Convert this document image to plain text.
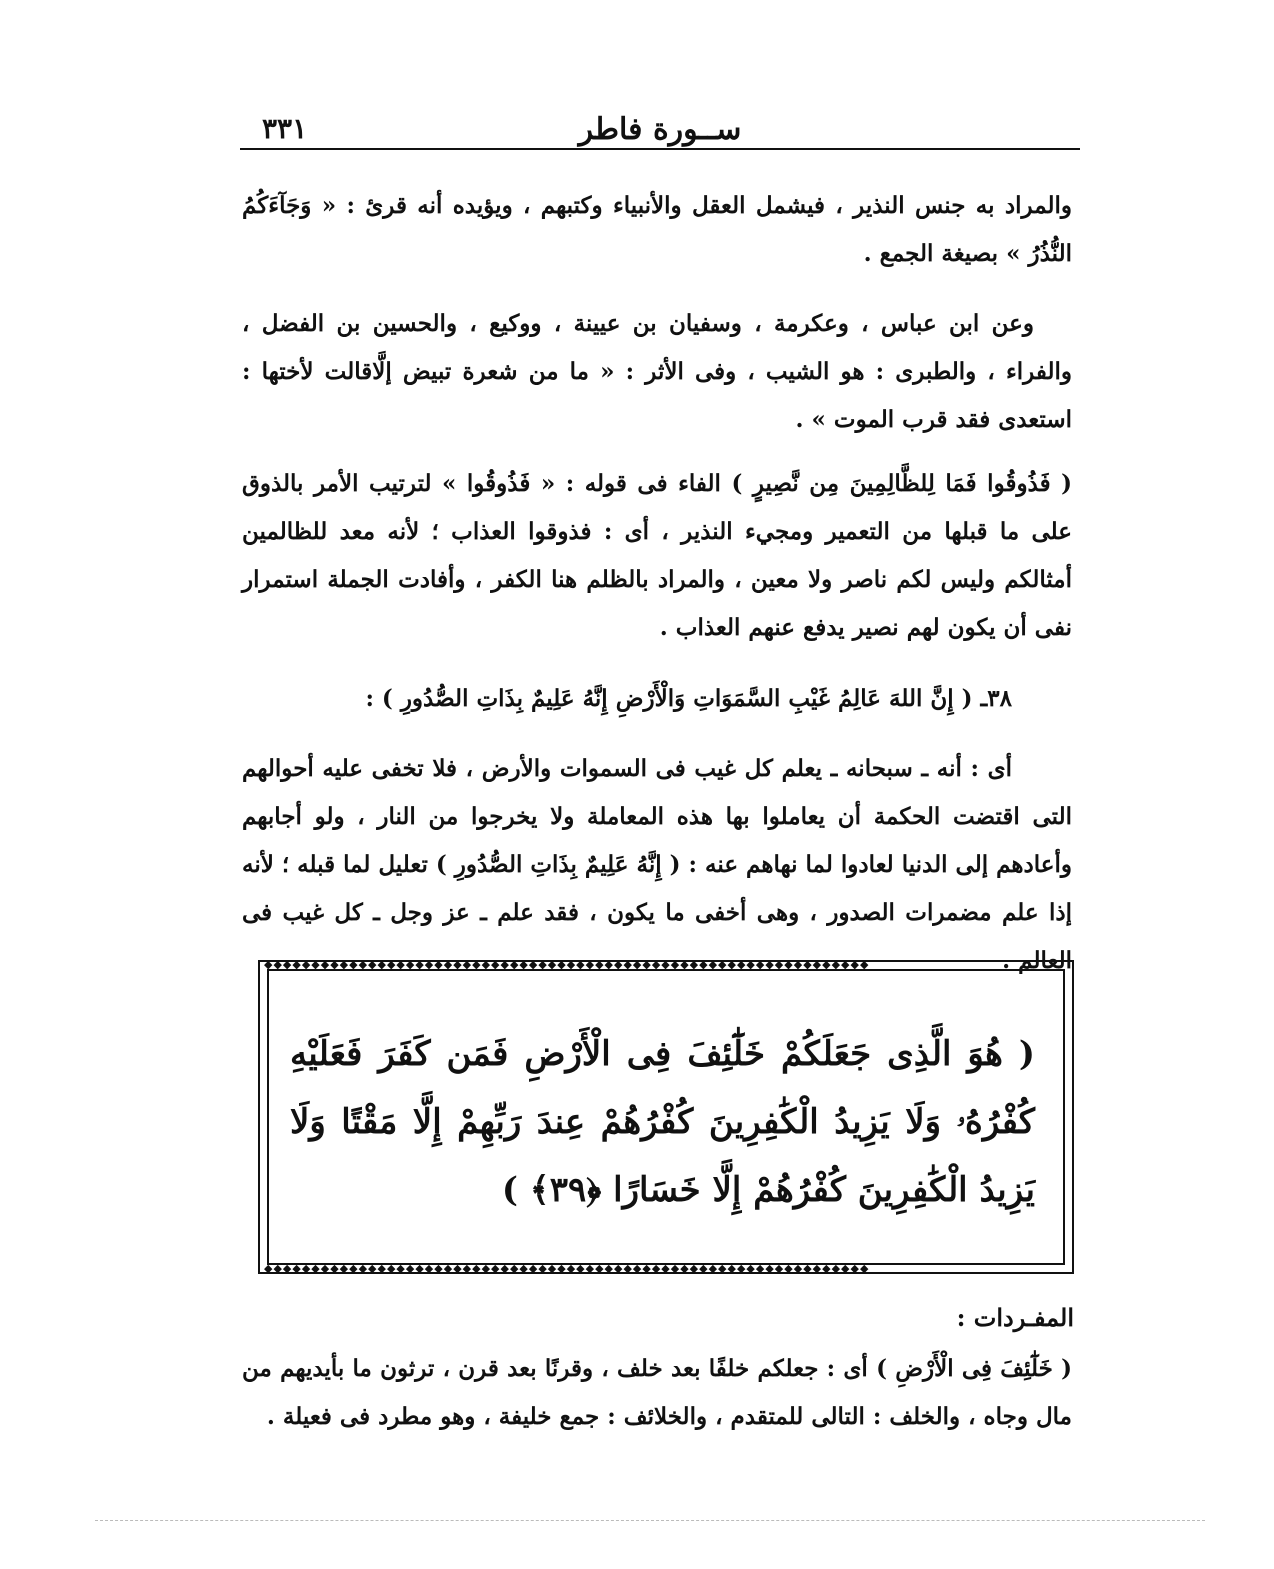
ســورة فاطر
٣٣١

والمراد به جنس النذير ، فيشمل العقل والأنبياء وكتبهم ، ويؤيده أنه قرئ : « وَجَآءَكُمُ النُّذُرُ » بصيغة الجمع .

وعن ابن عباس ، وعكرمة ، وسفيان بن عيينة ، ووكيع ، والحسين بن الفضل ، والفراء ، والطبرى : هو الشيب ، وفى الأثر : « ما من شعرة تبيض إلَّاقالت لأختها : استعدى فقد قرب الموت » .

( فَذُوقُوا فَمَا لِلظَّالِمِينَ مِن نَّصِيرٍ ) الفاء فى قوله : « فَذُوقُوا » لترتيب الأمر بالذوق على ما قبلها من التعمير ومجيء النذير ، أى : فذوقوا العذاب ؛ لأنه معد للظالمين أمثالكم وليس لكم ناصر ولا معين ، والمراد بالظلم هنا الكفر ، وأفادت الجملة استمرار نفى أن يكون لهم نصير يدفع عنهم العذاب .

٣٨ـ ( إِنَّ اللهَ عَالِمُ غَيْبِ السَّمَوَاتِ وَالْأَرْضِ إِنَّهُ عَلِيمٌ بِذَاتِ الصُّدُورِ ) :

أى : أنه ـ سبحانه ـ يعلم كل غيب فى السموات والأرض ، فلا تخفى عليه أحوالهم التى اقتضت الحكمة أن يعاملوا بها هذه المعاملة ولا يخرجوا من النار ، ولو أجابهم وأعادهم إلى الدنيا لعادوا لما نهاهم عنه : ( إِنَّهُ عَلِيمٌ بِذَاتِ الصُّدُورِ ) تعليل لما قبله ؛ لأنه إذا علم مضمرات الصدور ، وهى أخفى ما يكون ، فقد علم ـ عز وجل ـ كل غيب فى العالم .

◆◆◆◆◆◆◆◆◆◆◆◆◆◆◆◆◆◆◆◆◆◆◆◆◆◆◆◆◆◆◆◆◆◆◆◆◆◆◆◆◆◆◆◆◆◆◆◆◆◆◆◆◆◆◆◆◆◆◆◆◆◆◆◆
◆◆◆◆◆◆◆◆◆◆◆◆◆◆◆◆◆◆◆◆◆◆◆◆◆◆◆◆◆◆◆◆◆◆◆◆◆◆◆◆◆◆◆◆◆◆◆◆◆◆◆◆◆◆◆◆◆◆◆◆◆◆◆◆

( هُوَ الَّذِى جَعَلَكُمْ خَلَٰٓئِفَ فِى الْأَرْضِ فَمَن كَفَرَ فَعَلَيْهِ كُفْرُهُۥ وَلَا يَزِيدُ الْكَٰفِرِينَ كُفْرُهُمْ عِندَ رَبِّهِمْ إِلَّا مَقْتًا وَلَا يَزِيدُ الْكَٰفِرِينَ كُفْرُهُمْ إِلَّا خَسَارًا ﴿٣٩﴾ )

المفـردات :

( خَلَٰٓئِفَ فِى الْأَرْضِ ) أى : جعلكم خلفًا بعد خلف ، وقرنًا بعد قرن ، ترثون ما بأيديهم من مال وجاه ، والخلف : التالى للمتقدم ، والخلائف : جمع خليفة ، وهو مطرد فى فعيلة .
